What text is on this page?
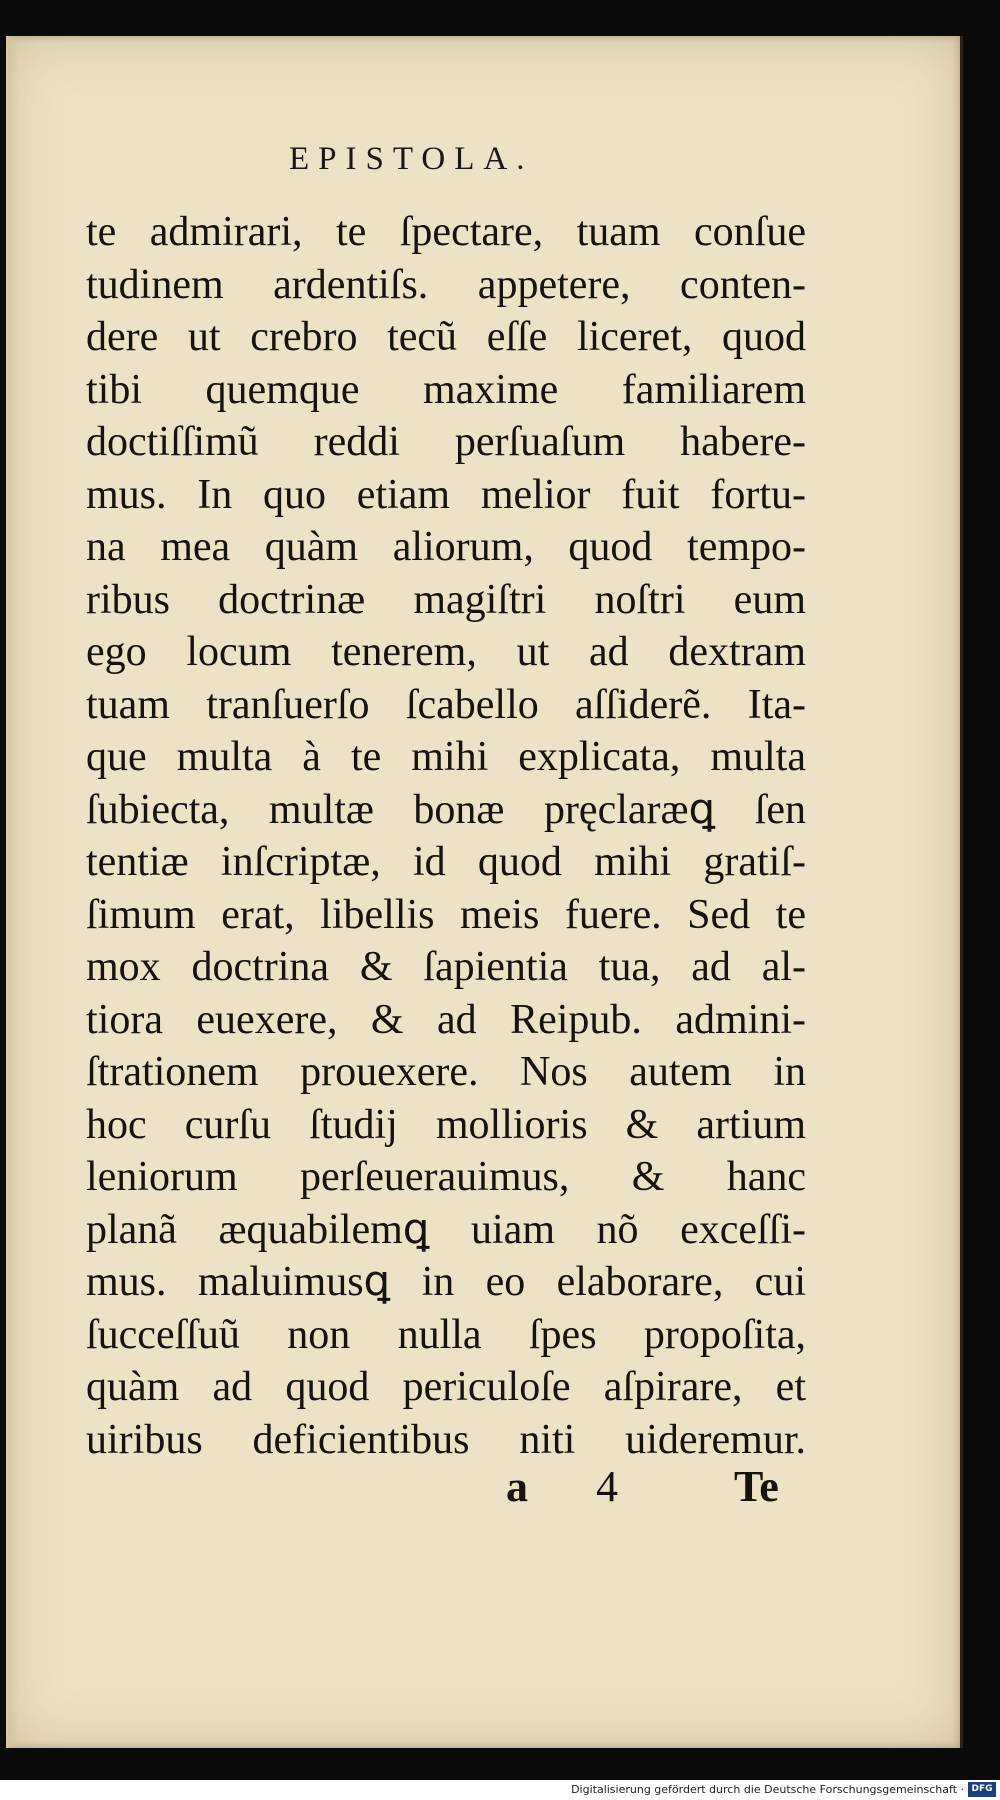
EPISTOLA.
te admirari, te ſpectare, tuam conſue
tudinem ardentiſs. appetere, conten-
dere ut crebro tecũ eſſe liceret, quod
tibi quemque maxime familiarem
doctiſſimũ reddi perſuaſum habere-
mus. In quo etiam melior fuit fortu-
na mea quàm aliorum, quod tempo-
ribus doctrinæ magiſtri noſtri eum
ego locum tenerem, ut ad dextram
tuam tranſuerſo ſcabello aſſiderẽ. Ita-
que multa à te mihi explicata, multa
ſubiecta, multæ bonæ pręclaræꝗ ſen
tentiæ inſcriptæ, id quod mihi gratiſ-
ſimum erat, libellis meis fuere. Sed te
mox doctrina & ſapientia tua, ad al-
tiora euexere, & ad Reipub. admini-
ſtrationem prouexere. Nos autem in
hoc curſu ſtudij mollioris & artium
leniorum perſeuerauimus, & hanc
planã æquabilemꝗ uiam nõ exceſſi-
mus. maluimusꝗ in eo elaborare, cui
ſucceſſuũ non nulla ſpes propoſita,
quàm ad quod periculoſe aſpirare, et
uiribus deficientibus niti uideremur.
a 4	Te
Digitalisierung gefördert durch die Deutsche Forschungsgemeinschaft · DFG
